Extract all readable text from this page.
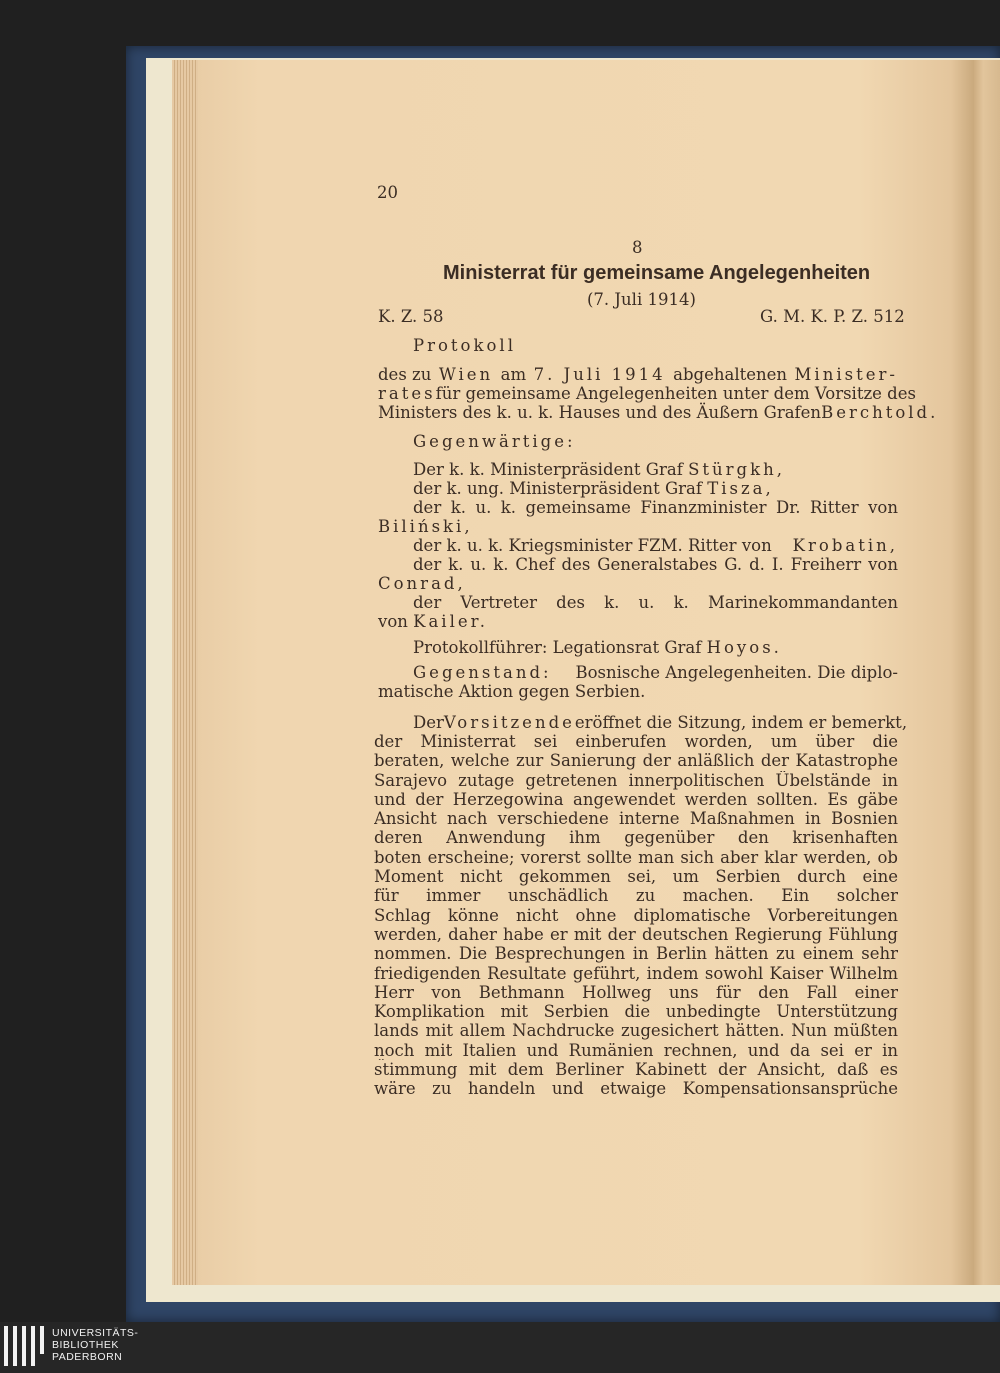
20
8
Ministerrat für gemeinsame Angelegenheiten
(7. Juli 1914)
K. Z. 58	G. M. K. P. Z. 512
Protokoll
des zu Wien am 7. Juli 1914 abgehaltenen Minister-
rates für gemeinsame Angelegenheiten unter dem Vorsitze des
Ministers des k. u. k. Hauses und des Äußern Grafen Berchtold.
Gegenwärtige:
Der k. k. Ministerpräsident Graf Stürgkh,
der k. ung. Ministerpräsident Graf Tisza,
der k. u. k. gemeinsame Finanzminister Dr. Ritter von
Biliński,
der k. u. k. Kriegsminister FZM. Ritter von Krobatin,
der k. u. k. Chef des Generalstabes G. d. I. Freiherr von
Conrad,
der Vertreter des k. u. k. Marinekommandanten
von Kailer.
Protokollführer: Legationsrat Graf Hoyos.
Gegenstand: Bosnische Angelegenheiten. Die diplo-
matische Aktion gegen Serbien.
Der Vorsitzende eröffnet die Sitzung, indem er bemerkt,
der Ministerrat sei einberufen worden, um über die
beraten, welche zur Sanierung der anläßlich der Katastrophe
Sarajevo zutage getretenen innerpolitischen Übelstände in
und der Herzegowina angewendet werden sollten. Es gäbe
Ansicht nach verschiedene interne Maßnahmen in Bosnien
deren Anwendung ihm gegenüber den krisenhaften
boten erscheine; vorerst sollte man sich aber klar werden, ob
Moment nicht gekommen sei, um Serbien durch eine
für immer unschädlich zu machen. Ein solcher
Schlag könne nicht ohne diplomatische Vorbereitungen
werden, daher habe er mit der deutschen Regierung Fühlung
nommen. Die Besprechungen in Berlin hätten zu einem sehr
friedigenden Resultate geführt, indem sowohl Kaiser Wilhelm
Herr von Bethmann Hollweg uns für den Fall einer
Komplikation mit Serbien die unbedingte Unterstützung
lands mit allem Nachdrucke zugesichert hätten. Nun müßten
noch mit Italien und Rumänien rechnen, und da sei er in
stimmung mit dem Berliner Kabinett der Ansicht, daß es
wäre zu handeln und etwaige Kompensationsansprüche
UNIVERSITÄTS-
BIBLIOTHEK
PADERBORN
